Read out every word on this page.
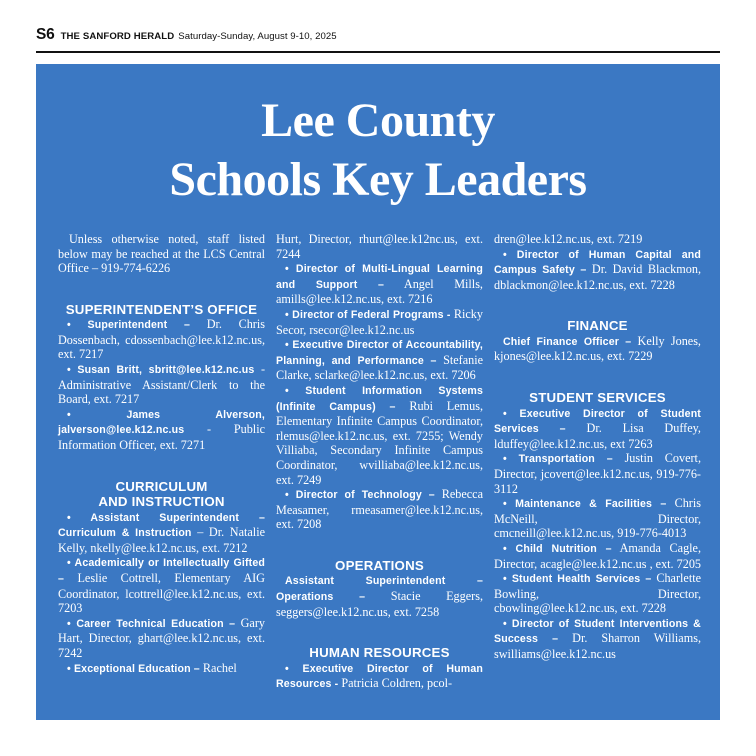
S6 THE SANFORD HERALD Saturday-Sunday, August 9-10, 2025
Lee County
Schools Key Leaders

Unless otherwise noted, staff listed below may be reached at the LCS Central Office – 919-774-6226

SUPERINTENDENT’S OFFICE

• Superintendent – Dr. Chris Dossenbach, cdossenbach@lee.k12.nc.us, ext. 7217

• Susan Britt, sbritt@lee.k12.nc.us - Administrative Assistant/Clerk to the Board, ext. 7217

• James Alverson, jalverson@lee.k12.nc.us - Public Information Officer, ext. 7271

CURRICULUM
AND INSTRUCTION

• Assistant Superintendent – Curriculum & Instruction – Dr. Natalie Kelly, nkelly@lee.k12.nc.us, ext. 7212

• Academically or Intellectually Gifted – Leslie Cottrell, Elementary AIG Coordinator, lcottrell@lee.k12.nc.us, ext. 7203

• Career Technical Education – Gary Hart, Director, ghart@lee.k12.nc.us, ext. 7242

• Exceptional Education – Rachel

Hurt, Director, rhurt@lee.k12nc.us, ext. 7244

• Director of Multi-Lingual Learning and Support – Angel Mills, amills@lee.k12.nc.us, ext. 7216

• Director of Federal Programs - Ricky Secor, rsecor@lee.k12.nc.us

• Executive Director of Accountability, Planning, and Performance – Stefanie Clarke, sclarke@lee.k12.nc.us, ext. 7206

• Student Information Systems (Infinite Campus) – Rubi Lemus, Elementary Infinite Campus Coordinator, rlemus@lee.k12.nc.us, ext. 7255; Wendy Villiaba, Secondary Infinite Campus Coordinator, wvilliaba@lee.k12.nc.us, ext. 7249

• Director of Technology – Rebecca Measamer, rmeasamer@lee.k12.nc.us, ext. 7208

OPERATIONS

Assistant Superintendent – Operations – Stacie Eggers, seggers@lee.k12.nc.us, ext. 7258

HUMAN RESOURCES

• Executive Director of Human Resources - Patricia Coldren, pcol-

dren@lee.k12.nc.us, ext. 7219

• Director of Human Capital and Campus Safety – Dr. David Blackmon, dblackmon@lee.k12.nc.us, ext. 7228

FINANCE

Chief Finance Officer – Kelly Jones, kjones@lee.k12.nc.us, ext. 7229

STUDENT SERVICES

• Executive Director of Student Services – Dr. Lisa Duffey, lduffey@lee.k12.nc.us, ext 7263

• Transportation – Justin Covert, Director, jcovert@lee.k12.nc.us, 919-776-3112

• Maintenance & Facilities – Chris McNeill, Director, cmcneill@lee.k12.nc.us, 919-776-4013

• Child Nutrition – Amanda Cagle, Director, acagle@lee.k12.nc.us , ext. 7205

• Student Health Services – Charlette Bowling, Director, cbowling@lee.k12.nc.us, ext. 7228

• Director of Student Interventions & Success – Dr. Sharron Williams, swilliams@lee.k12.nc.us
